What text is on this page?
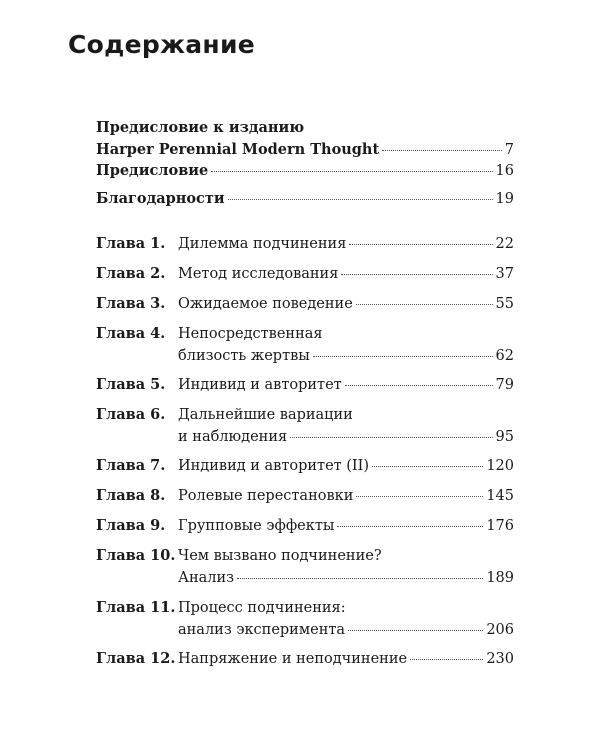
Содержание
Предисловие к изданию
Harper Perennial Modern Thought	7
Предисловие	16
Благодарности	19
Глава 1. Дилемма подчинения	22
Глава 2. Метод исследования	37
Глава 3. Ожидаемое поведение	55
Глава 4. Непосредственная
близость жертвы	62
Глава 5. Индивид и авторитет	79
Глава 6. Дальнейшие вариации
и наблюдения	95
Глава 7. Индивид и авторитет (II)	120
Глава 8. Ролевые перестановки	145
Глава 9. Групповые эффекты	176
Глава 10. Чем вызвано подчинение?
Анализ	189
Глава 11. Процесс подчинения:
анализ эксперимента	206
Глава 12. Напряжение и неподчинение	230
